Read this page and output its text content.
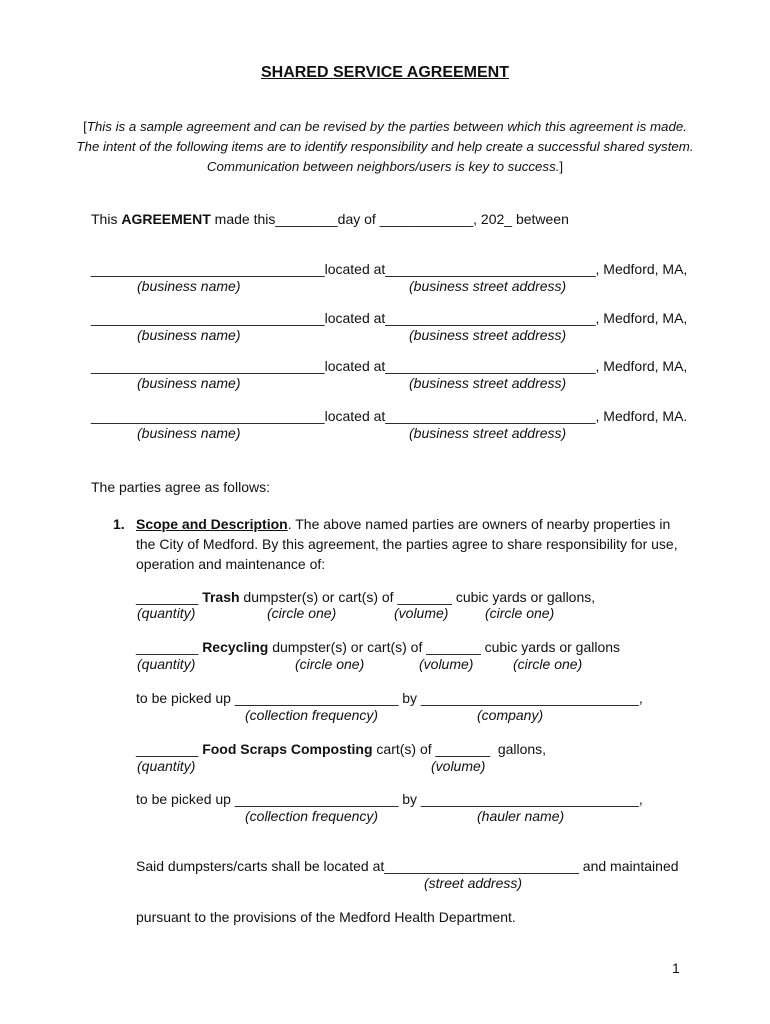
SHARED SERVICE AGREEMENT
[This is a sample agreement and can be revised by the parties between which this agreement is made. The intent of the following items are to identify responsibility and help create a successful shared system. Communication between neighbors/users is key to success.]
This AGREEMENT made this________day of ____________, 202_ between
______________________________located at___________________________, Medford, MA,
(business name)	(business street address)
______________________________located at___________________________, Medford, MA,
(business name)	(business street address)
______________________________located at___________________________, Medford, MA,
(business name)	(business street address)
______________________________located at___________________________, Medford, MA.
(business name)	(business street address)
The parties agree as follows:
1. Scope and Description. The above named parties are owners of nearby properties in the City of Medford. By this agreement, the parties agree to share responsibility for use, operation and maintenance of:
________ Trash dumpster(s) or cart(s) of _______ cubic yards or gallons,
(quantity)	(circle one)	(volume)	(circle one)
________ Recycling dumpster(s) or cart(s) of _______ cubic yards or gallons
(quantity)	(circle one)	(volume)	(circle one)
to be picked up _____________________ by ____________________________,
(collection frequency)	(company)
________ Food Scraps Composting cart(s) of _______  gallons,
(quantity)	(volume)
to be picked up _____________________ by ____________________________,
(collection frequency)	(hauler name)
Said dumpsters/carts shall be located at_________________________ and maintained
(street address)
pursuant to the provisions of the Medford Health Department.
1
